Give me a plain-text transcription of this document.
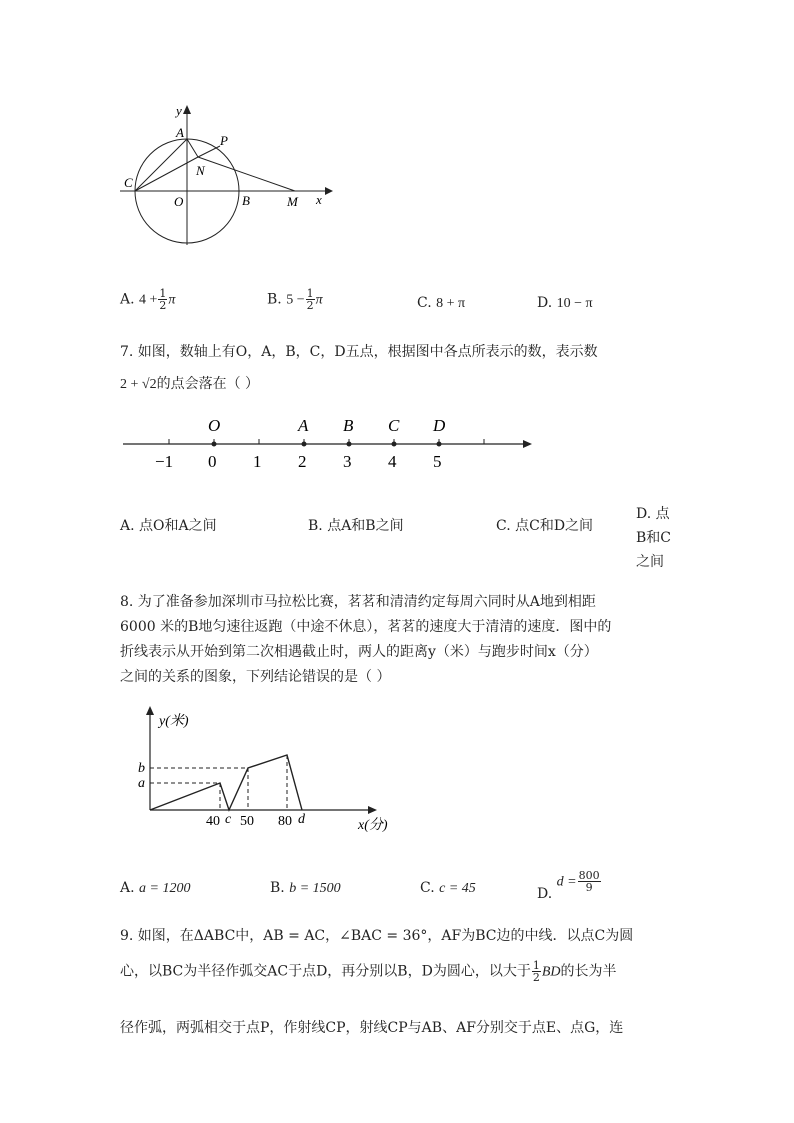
y
x
A
P
N
C
O	B	M
A. $4 + \frac{1}{2}$ π	B. $5 - \frac{1}{2}$ π	C. 8 + π	D. 10 − π
7. 如图，数轴上有O，A，B，C，D五点，根据图中各点所表示的数，表示数
2 + √2的点会落在（ ）
O	A B C D
−1 0 1 2 3 4 5
A. 点O和A之间	B. 点A和B之间	C. 点C和D之间
D. 点
B和C
之间
8. 为了准备参加深圳市马拉松比赛，茗茗和清清约定每周六同时从A地到相距
6000 米的B地匀速往返跑（中途不休息），茗茗的速度大于清清的速度．图中的
折线表示从开始到第二次相遇截止时，两人的距离y（米）与跑步时间x（分）
之间的关系的图象，下列结论错误的是（ ）
y(米)
x(分)
b
a
40 c 50 80 d
A. a = 1200	B. b = 1500	C. c = 45	D. $d = \frac{800}{9}$
9. 如图，在ΔABC中，AB = AC，∠BAC = 36°，AF为BC边的中线．以点C为圆
心，以BC为半径作弧交AC于点D，再分别以B，D为圆心，以大于 $\frac{1}{2}$ BD的长为半
径作弧，两弧相交于点P，作射线CP，射线CP与AB、AF分别交于点E、点G，连
